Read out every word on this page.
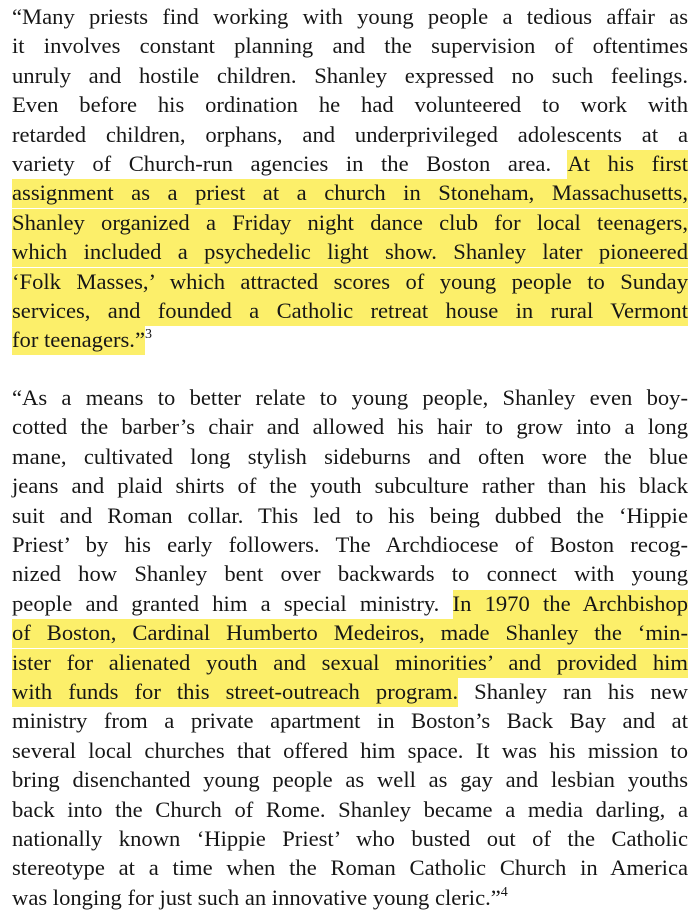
“Many priests find working with young people a tedious affair as
it involves constant planning and the supervision of oftentimes
unruly and hostile children. Shanley expressed no such feelings.
Even before his ordination he had volunteered to work with
retarded children, orphans, and underprivileged adolescents at a
variety of Church-run agencies in the Boston area. At his first
assignment as a priest at a church in Stoneham, Massachusetts,
Shanley organized a Friday night dance club for local teenagers,
which included a psychedelic light show. Shanley later pioneered
‘Folk Masses,’ which attracted scores of young people to Sunday
services, and founded a Catholic retreat house in rural Vermont
for teenagers.”$^3$
“As a means to better relate to young people, Shanley even boy-
cotted the barber’s chair and allowed his hair to grow into a long
mane, cultivated long stylish sideburns and often wore the blue
jeans and plaid shirts of the youth subculture rather than his black
suit and Roman collar. This led to his being dubbed the ‘Hippie
Priest’ by his early followers. The Archdiocese of Boston recog-
nized how Shanley bent over backwards to connect with young
people and granted him a special ministry. In 1970 the Archbishop
of Boston, Cardinal Humberto Medeiros, made Shanley the ‘min-
ister for alienated youth and sexual minorities’ and provided him
with funds for this street-outreach program. Shanley ran his new
ministry from a private apartment in Boston’s Back Bay and at
several local churches that offered him space. It was his mission to
bring disenchanted young people as well as gay and lesbian youths
back into the Church of Rome. Shanley became a media darling, a
nationally known ‘Hippie Priest’ who busted out of the Catholic
stereotype at a time when the Roman Catholic Church in America
was longing for just such an innovative young cleric.”$^4$
